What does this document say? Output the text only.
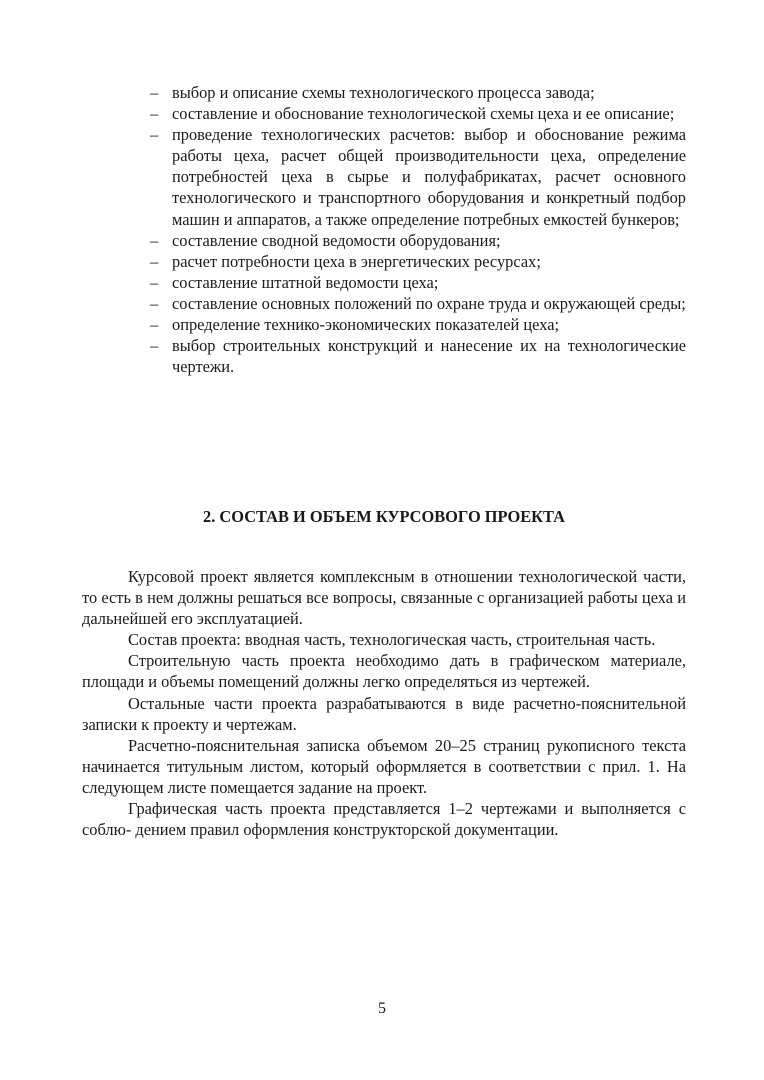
– выбор и описание схемы технологического процесса завода;
– составление и обоснование технологической схемы цеха и ее описание;
– проведение технологических расчетов: выбор и обоснование режима работы цеха, расчет общей производительности цеха, определение потребностей цеха в сырье и полуфабрикатах, расчет основного технологического и транспортного оборудования и конкретный подбор машин и аппаратов, а также определение потребных емкостей бункеров;
– составление сводной ведомости оборудования;
– расчет потребности цеха в энергетических ресурсах;
– составление штатной ведомости цеха;
– составление основных положений по охране труда и окружающей среды;
– определение технико-экономических показателей цеха;
– выбор строительных конструкций и нанесение их на технологические чертежи.
2. СОСТАВ И ОБЪЕМ КУРСОВОГО ПРОЕКТА

Курсовой проект является комплексным в отношении технологической части, то есть в нем должны решаться все вопросы, связанные с организацией работы цеха и дальнейшей его эксплуатацией.

Состав проекта: вводная часть, технологическая часть, строительная часть.

Строительную часть проекта необходимо дать в графическом материале, площади и объемы помещений должны легко определяться из чертежей.

Остальные части проекта разрабатываются в виде расчетно-пояснительной записки к проекту и чертежам.

Расчетно-пояснительная записка объемом 20–25 страниц рукописного текста начинается титульным листом, который оформляется в соответствии с прил. 1. На следующем листе помещается задание на проект.

Графическая часть проекта представляется 1–2 чертежами и выполняется с соблю- дением правил оформления конструкторской документации.

5
